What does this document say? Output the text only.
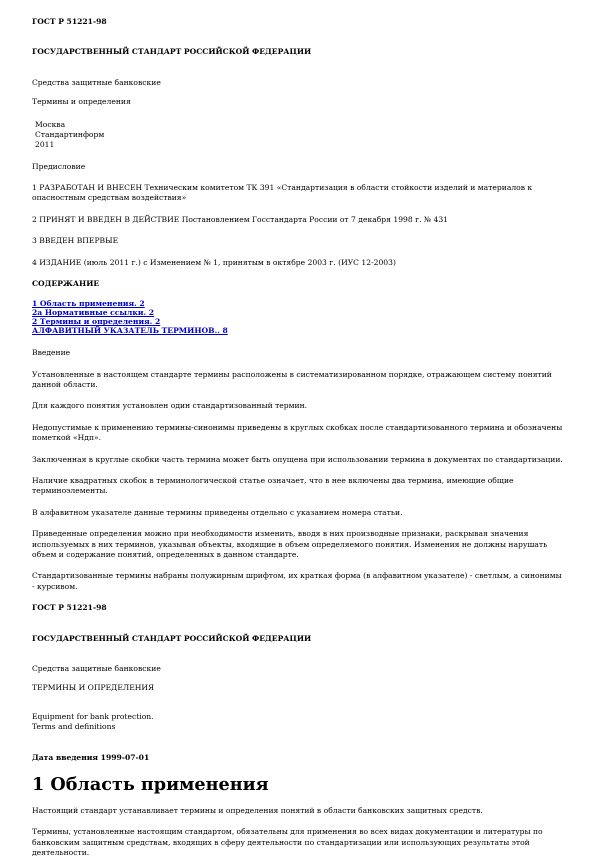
ГОСТ Р 51221-98

ГОСУДАРСТВЕННЫЙ СТАНДАРТ РОССИЙСКОЙ ФЕДЕРАЦИИ

Средства защитные банковские

Термины и определения

Москва
Стандартинформ
2011

Предисловие

1 РАЗРАБОТАН И ВНЕСЕН Техническим комитетом ТК 391 «Стандартизация в области стойкости изделий и материалов к опасностным средствам воздействия»

2 ПРИНЯТ И ВВЕДЕН В ДЕЙСТВИЕ Постановлением Госстандарта России от 7 декабря 1998 г. № 431

3 ВВЕДЕН ВПЕРВЫЕ

4 ИЗДАНИЕ (июль 2011 г.) с Изменением № 1, принятым в октябре 2003 г. (ИУС 12-2003)

СОДЕРЖАНИЕ

1 Область применения. 2
2а Нормативные ссылки. 2
2 Термины и определения. 2
АЛФАВИТНЫЙ УКАЗАТЕЛЬ ТЕРМИНОВ.. 8

Введение

Установленные в настоящем стандарте термины расположены в систематизированном порядке, отражающем систему понятий данной области.

Для каждого понятия установлен один стандартизованный термин.

Недопустимые к применению термины-синонимы приведены в круглых скобках после стандартизованного термина и обозначены пометкой «Ндп».

Заключенная в круглые скобки часть термина может быть опущена при использовании термина в документах по стандартизации.

Наличие квадратных скобок в терминологической статье означает, что в нее включены два термина, имеющие общие терминоэлементы.

В алфавитном указателе данные термины приведены отдельно с указанием номера статьи.

Приведенные определения можно при необходимости изменить, вводя в них производные признаки, раскрывая значения используемых в них терминов, указывая объекты, входящие в объем определяемого понятия. Изменения не должны нарушать объем и содержание понятий, определенных в данном стандарте.

Стандартизованные термины набраны полужирным шрифтом, их краткая форма (в алфавитном указателе) - светлым, а синонимы - курсивом.

ГОСТ Р 51221-98

ГОСУДАРСТВЕННЫЙ СТАНДАРТ РОССИЙСКОЙ ФЕДЕРАЦИИ

Средства защитные банковские

ТЕРМИНЫ И ОПРЕДЕЛЕНИЯ

Equipment for bank protection.
Terms and definitions

Дата введения 1999-07-01

1 Область применения

Настоящий стандарт устанавливает термины и определения понятий в области банковских защитных средств.

Термины, установленные настоящим стандартом, обязательны для применения во всех видах документации и литературы по банковским защитным средствам, входящих в сферу деятельности по стандартизации или использующих результаты этой деятельности.
